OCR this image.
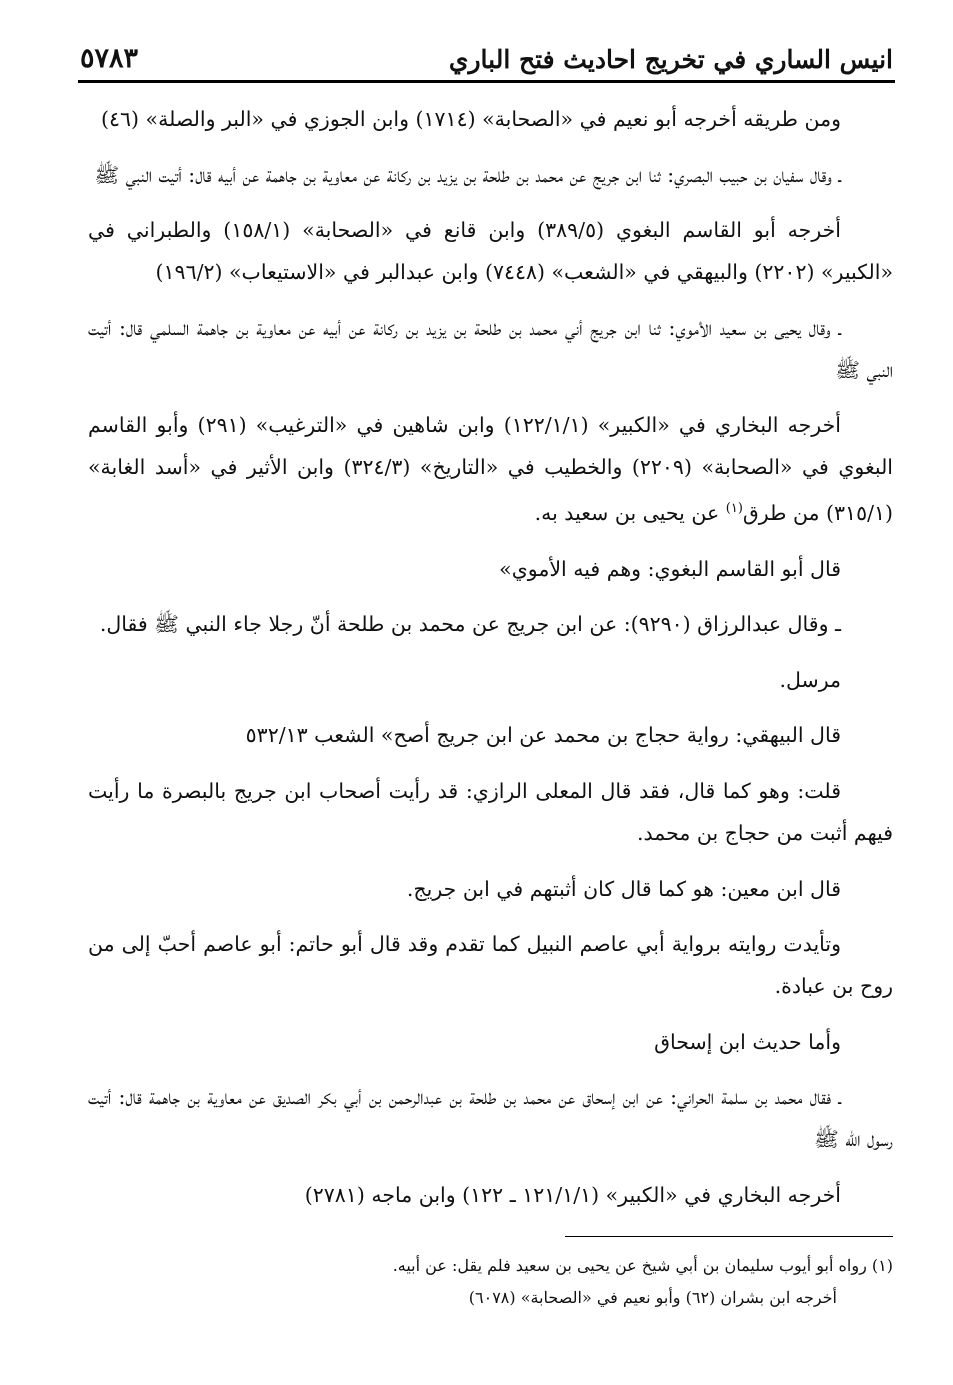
انيس الساري في تخريج احاديث فتح الباري
٥٧٨٣

ومن طريقه أخرجه أبو نعيم في «الصحابة» (١٧١٤) وابن الجوزي في «البر والصلة» (٤٦)

ـ وقال سفيان بن حبيب البصري: ثنا ابن جريج عن محمد بن طلحة بن يزيد بن ركانة عن معاوية بن جاهمة عن أبيه قال: أتيت النبي ﷺ

أخرجه أبو القاسم البغوي (٣٨٩/٥) وابن قانع في «الصحابة» (١٥٨/١) والطبراني في «الكبير» (٢٢٠٢) والبيهقي في «الشعب» (٧٤٤٨) وابن عبدالبر في «الاستيعاب» (١٩٦/٢)

ـ وقال يحيى بن سعيد الأموي: ثنا ابن جريج أني محمد بن طلحة بن يزيد بن ركانة عن أبيه عن معاوية بن جاهمة السلمي قال: أتيت النبي ﷺ

أخرجه البخاري في «الكبير» (١٢٢/١/١) وابن شاهين في «الترغيب» (٢٩١) وأبو القاسم البغوي في «الصحابة» (٢٢٠٩) والخطيب في «التاريخ» (٣٢٤/٣) وابن الأثير في «أسد الغابة» (٣١٥/١) من طرق$^{(١)}$ عن يحيى بن سعيد به.

قال أبو القاسم البغوي: وهم فيه الأموي»

ـ وقال عبدالرزاق (٩٢٩٠): عن ابن جريج عن محمد بن طلحة أنّ رجلا جاء النبي ﷺ فقال.

مرسل.

قال البيهقي: رواية حجاج بن محمد عن ابن جريج أصح» الشعب ٥٣٢/١٣

قلت: وهو كما قال، فقد قال المعلى الرازي: قد رأيت أصحاب ابن جريج بالبصرة ما رأيت فيهم أثبت من حجاج بن محمد.

قال ابن معين: هو كما قال كان أثبتهم في ابن جريج.

وتأيدت روايته برواية أبي عاصم النبيل كما تقدم وقد قال أبو حاتم: أبو عاصم أحبّ إلى من روح بن عبادة.

وأما حديث ابن إسحاق

ـ فقال محمد بن سلمة الحراني: عن ابن إسحاق عن محمد بن طلحة بن عبدالرحمن بن أبي بكر الصديق عن معاوية بن جاهمة قال: أتيت رسول الله ﷺ

أخرجه البخاري في «الكبير» (١٢١/١/١ ـ ١٢٢) وابن ماجه (٢٧٨١)

(١) رواه أبو أيوب سليمان بن أبي شيخ عن يحيى بن سعيد فلم يقل: عن أبيه.

أخرجه ابن بشران (٦٢) وأبو نعيم في «الصحابة» (٦٠٧٨)
